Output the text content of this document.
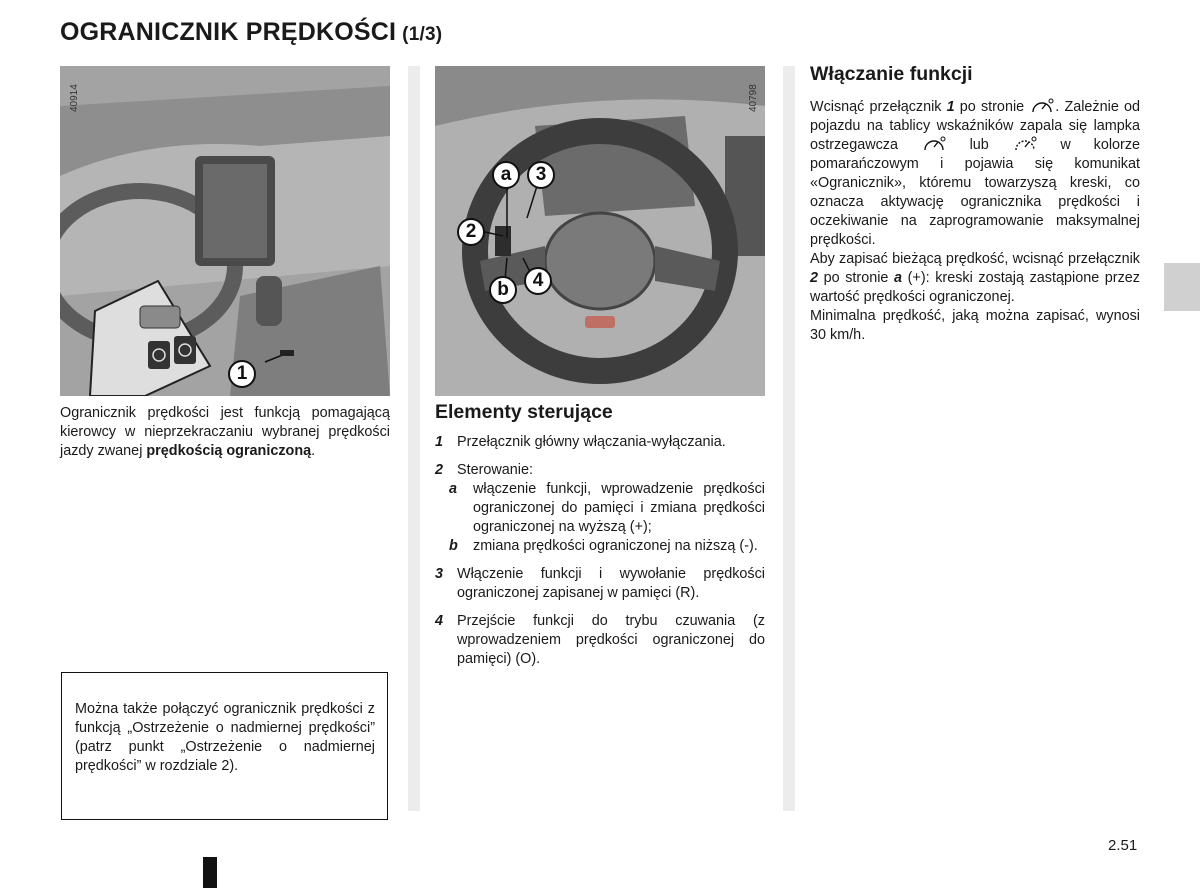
OGRANICZNIK PRĘDKOŚCI (1/3)
40914
1
40798
a	3
2
4
b
Ogranicznik prędkości jest funkcją pomagającą kierowcy w nieprzekraczaniu wybranej prędkości jazdy zwanej prędkością ograniczoną.
Można także połączyć ogranicznik prędkości z funkcją „Ostrzeżenie o nadmiernej prędkości” (patrz punkt „Ostrzeżenie o nadmiernej prędkości” w rozdziale 2).
Elementy sterujące
1 Przełącznik główny włączania-wyłączania.
2 Sterowanie:
a	włączenie funkcji, wprowadzenie prędkości ograniczonej do pamięci i zmiana prędkości ograniczonej na wyższą (+);
b	zmiana prędkości ograniczonej na niższą (-).
3 Włączenie funkcji i wywołanie prędkości ograniczonej zapisanej w pamięci (R).
4 Przejście funkcji do trybu czuwania (z wprowadzeniem prędkości ograniczonej do pamięci) (O).
Włączanie funkcji
Wcisnąć przełącznik 1 po stronie . Zależnie od pojazdu na tablicy wskaźników zapala się lampka ostrzegawcza  lub  w kolorze pomarańczowym i pojawia się komunikat «Ogranicznik», któremu towarzyszą kreski, co oznacza aktywację ogranicznika prędkości i oczekiwanie na zaprogramowanie maksymalnej prędkości.
Aby zapisać bieżącą prędkość, wcisnąć przełącznik 2 po stronie a (+): kreski zostają zastąpione przez wartość prędkości ograniczonej.
Minimalna prędkość, jaką można zapisać, wynosi 30 km/h.
2.51
